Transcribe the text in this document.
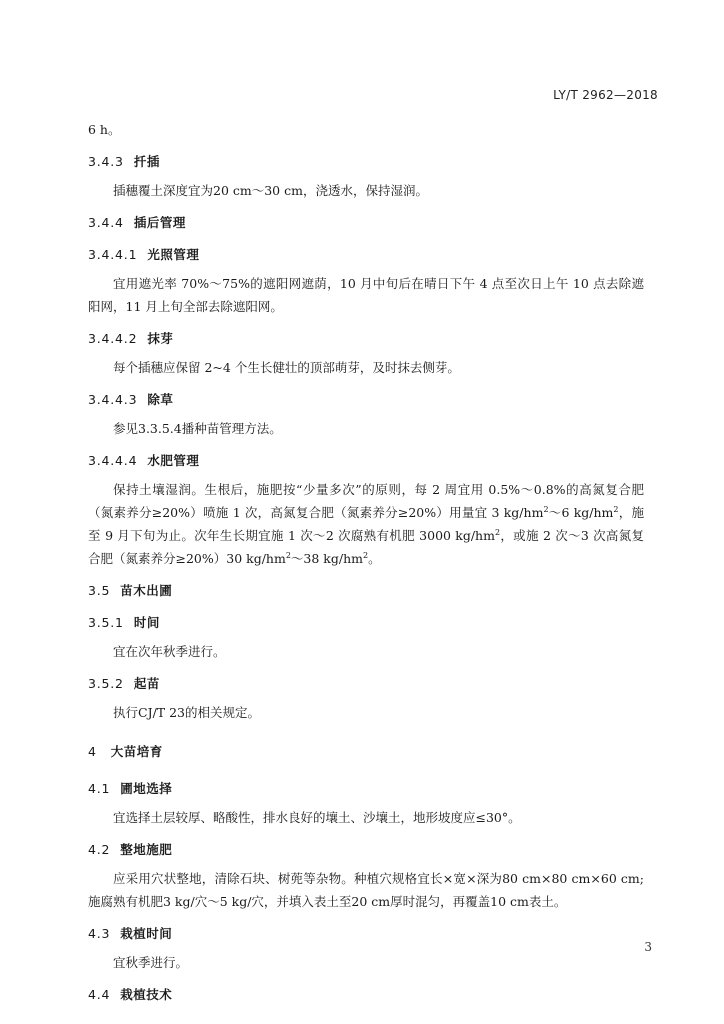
LY/T 2962—2018

6 h。

3.4.3 扦插

插穗覆土深度宜为20 cm～30 cm，浇透水，保持湿润。

3.4.4 插后管理
3.4.4.1 光照管理

宜用遮光率 70%～75%的遮阳网遮荫，10 月中旬后在晴日下午 4 点至次日上午 10 点去除遮阳网，11 月上旬全部去除遮阳网。

3.4.4.2 抹芽

每个插穗应保留 2~4 个生长健壮的顶部萌芽，及时抹去侧芽。

3.4.4.3 除草

参见3.3.5.4播种苗管理方法。

3.4.4.4 水肥管理

保持土壤湿润。生根后，施肥按“少量多次”的原则，每 2 周宜用 0.5%～0.8%的高氮复合肥（氮素养分≥20%）喷施 1 次，高氮复合肥（氮素养分≥20%）用量宜 3 $kg/hm^2\sim 6$ $kg/hm^2$，施至 9 月下旬为止。次年生长期宜施 1 次～2 次腐熟有机肥 3000 $kg/hm^2$，或施 2 次～3 次高氮复合肥（氮素养分≥20%）30 $kg/hm^2\sim 38$ $kg/hm^2$。

3.5 苗木出圃
3.5.1 时间

宜在次年秋季进行。

3.5.2 起苗

执行CJ/T 23的相关规定。

4 大苗培育
4.1 圃地选择

宜选择土层较厚、略酸性，排水良好的壤土、沙壤土，地形坡度应≤30°。

4.2 整地施肥

应采用穴状整地，清除石块、树蔸等杂物。种植穴规格宜长×宽×深为80 cm×80 cm×60 cm;施腐熟有机肥3 kg/穴～5 kg/穴，并填入表土至20 cm厚时混匀，再覆盖10 cm表土。

4.3 栽植时间

宜秋季进行。

4.4 栽植技术
3
